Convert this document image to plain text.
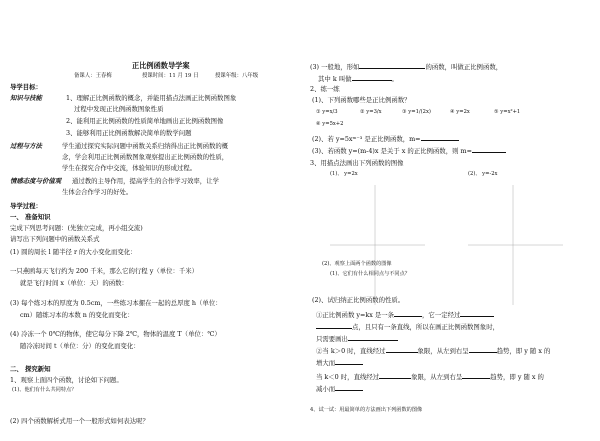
正比例函数导学案
备课人：王春梅	授课时间：11 月 19 日	授课年级：八年级
导学目标：
知识与技能	1、理解正比例函数的概念，并能用描点法画正比例函数图象
过程中发现正比例函数图象性质
2、能利用正比例函数的性质简单地画出正比例函数图像
3、能够利用正比例函数解决简单的数学问题
过程与方法	学生通过探究实际问题中函数关系归纳得出正比例函数的概
念，学会利用正比例函数图象观察提出正比例函数的性质，
学生在探究合作中交流，体验知识的形成过程。
情感态度与价值观 通过教的主导作用，提高学生的合作学习效率，让学
生体会合作学习的好处。
导学过程：
一、 准备知识
完成下列思考问题：(先独立完成，再小组交流)
请写出下列问题中的函数关系式
(1) 圆的周长 l 随半径 r 的大小变化而变化：
一只燕鸥每天飞行约为 200 千米，那么它的行程 y（单位：千米）
就是飞行时间 x（单位：天）的函数：
(3) 每个练习本的厚度为 0.5cm，一些练习本摞在一起的总厚度 h（单位：
cm）随练习本的本数 n 的变化而变化：
(4) 冷冻一个 0℃的物体，使它每分下降 2℃，物体的温度 T（单位：℃）
随冷冻时间 t（单位：分）的变化而变化：
二、 探究新知
1、观察上面四个函数，讨论如下问题。
(1)、他们有什么共同特点？
(2) 四个函数解析式用一个一般形式如何表达呢？
(3) 一般地，形如	的函数，叫做正比例函数，
其中 k 叫做	。
2、练一练
(1)、下列函数哪些是正比例函数？
① y=x/3	② y=3/x	③ y=1/(2x)	④ y=2x	⑤ y=x²+1
⑥ y=5x+2
(2)、若 y=5xᵐ⁻³ 是正比例函数，m=
(3)、若函数 y=(m-4)x 是关于 x 的正比例函数，则 m=
3、用描点法画出下列函数的图像
(1)、 y=2x	(2)、 y=-2x
(2)、观察上面两个函数的图像
(1)、它们有什么相同点与不同点？
(2)、试归纳正比例函数的性质。
①正比例函数 y=kx 是一条	，它一定经过
点，且只有一条直线，所以在画正比例函数图象时，
只需要画出
②当 k＞0 时，直线经过	象限，从左到右呈	趋势，即 y 随 x 的
增大而
当 k＜0 时，直线经过	象限，从左到右呈	趋势，即 y 随 x 的
减小而
4、试一试：用最简单的方法画出下列函数的图像
